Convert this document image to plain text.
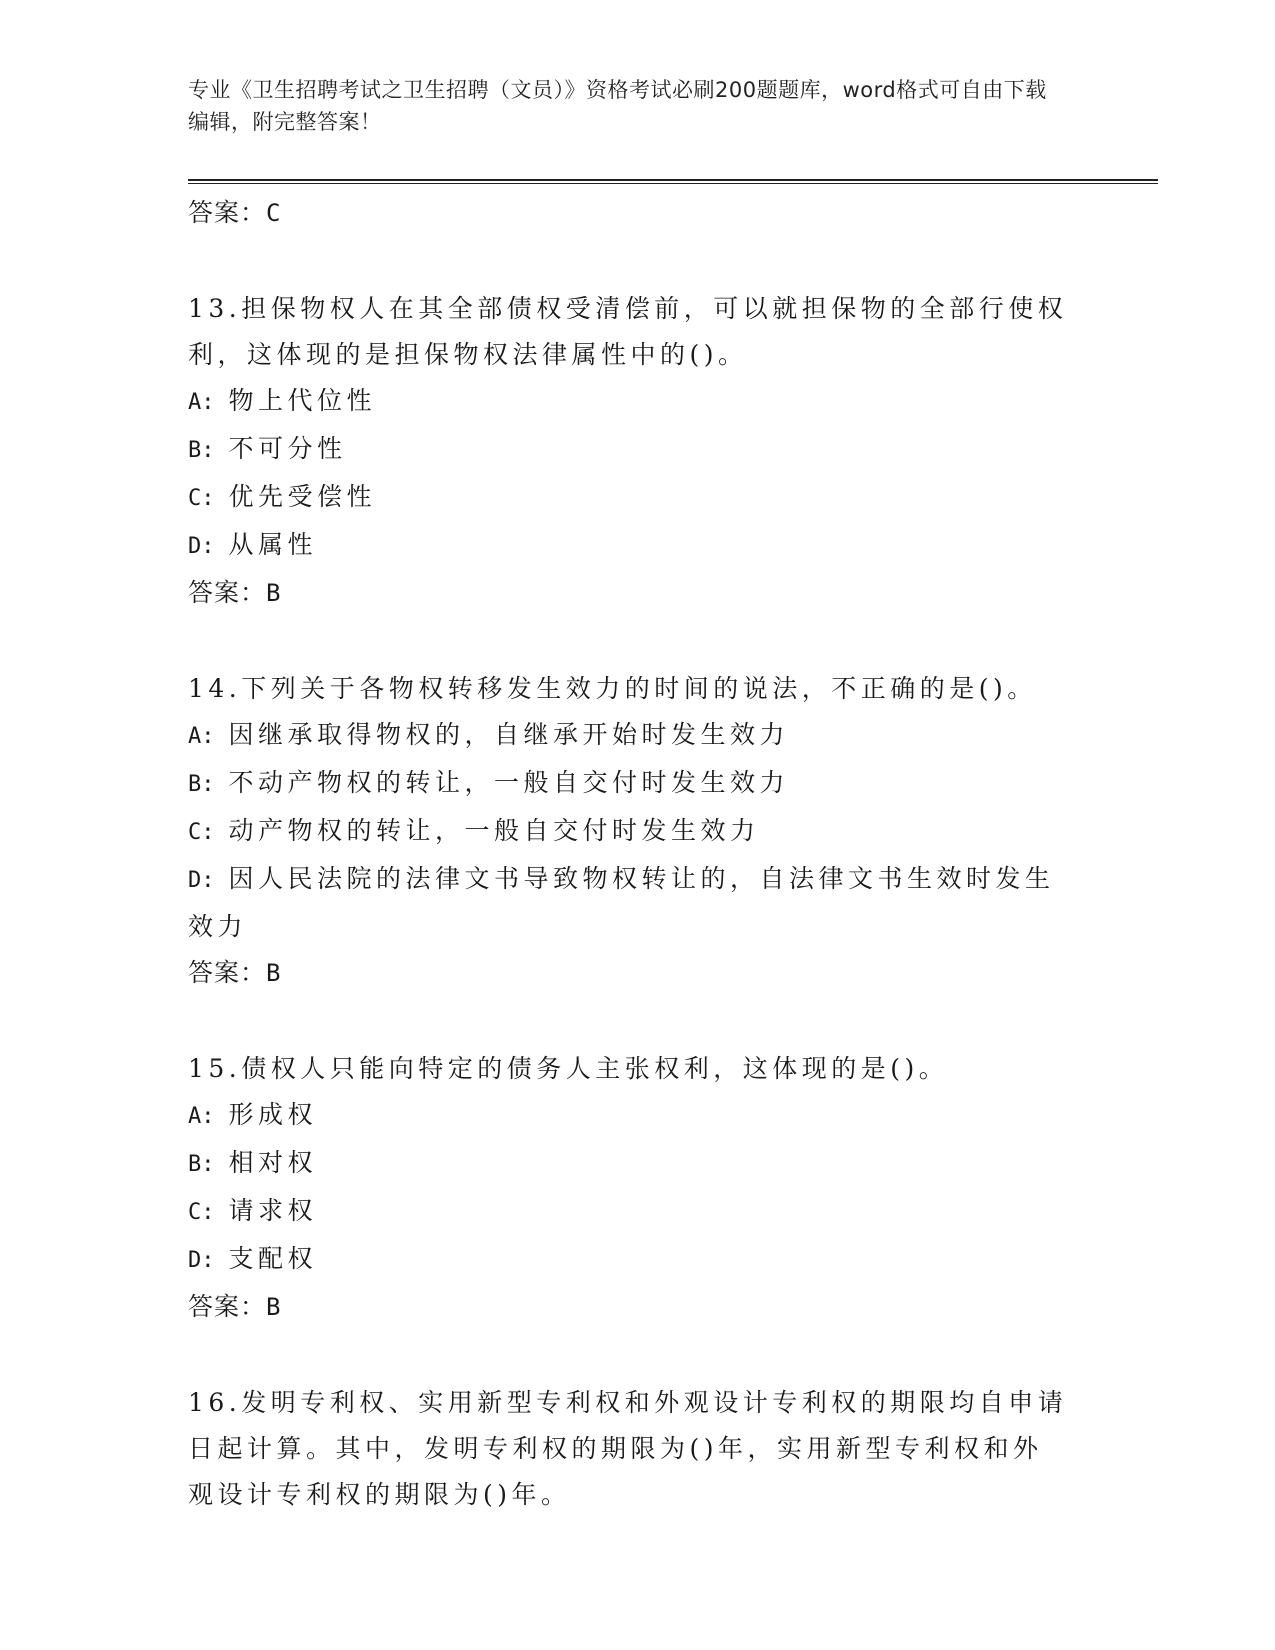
专业《卫生招聘考试之卫生招聘（文员）》资格考试必刷200题题库，word格式可自由下载编辑，附完整答案！
答案：C
13.担保物权人在其全部债权受清偿前，可以就担保物的全部行使权利，这体现的是担保物权法律属性中的()。
A: 物上代位性
B: 不可分性
C: 优先受偿性
D: 从属性
答案：B
14.下列关于各物权转移发生效力的时间的说法，不正确的是()。
A: 因继承取得物权的，自继承开始时发生效力
B: 不动产物权的转让，一般自交付时发生效力
C: 动产物权的转让，一般自交付时发生效力
D: 因人民法院的法律文书导致物权转让的，自法律文书生效时发生效力
答案：B
15.债权人只能向特定的债务人主张权利，这体现的是()。
A: 形成权
B: 相对权
C: 请求权
D: 支配权
答案：B
16.发明专利权、实用新型专利权和外观设计专利权的期限均自申请日起计算。其中，发明专利权的期限为()年，实用新型专利权和外观设计专利权的期限为()年。
